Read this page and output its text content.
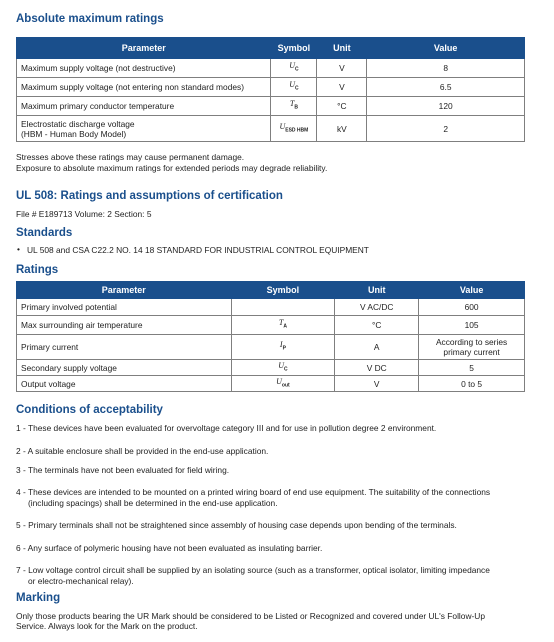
Absolute maximum ratings
Parameter	Symbol	Unit	Value
Maximum supply voltage (not destructive)	$U_C$	V	8
Maximum supply voltage (not entering non standard modes)	$U_C$	V	6.5
Maximum primary conductor temperature	$T_B$	°C	120

Electrostatic discharge voltage
(HBM - Human Body Model)	$U_{ESD HBM}$	kV	2
Stresses above these ratings may cause permanent damage.
Exposure to absolute maximum ratings for extended periods may degrade reliability.
UL 508: Ratings and assumptions of certification
File # E189713 Volume: 2 Section: 5
Standards
• UL 508 and CSA C22.2 NO. 14 18 STANDARD FOR INDUSTRIAL CONTROL EQUIPMENT
Ratings
Parameter	Symbol	Unit	Value
Primary involved potential		V AC/DC	600
Max surrounding air temperature	$T_A$	°C	105
Primary current	$I_P$	A	According to series primary current
Secondary supply voltage	$U_C$	V DC	5
Output voltage	$U_{out}$	V	0 to 5
Conditions of acceptability
1 - These devices have been evaluated for overvoltage category III and for use in pollution degree 2 environment.
2 - A suitable enclosure shall be provided in the end-use application.
3 - The terminals have not been evaluated for field wiring.
4 - These devices are intended to be mounted on a printed wiring board of end use equipment. The suitability of the connections
(including spacings) shall be determined in the end-use application.
5 - Primary terminals shall not be straightened since assembly of housing case depends upon bending of the terminals.
6 - Any surface of polymeric housing have not been evaluated as insulating barrier.
7 - Low voltage control circuit shall be supplied by an isolating source (such as a transformer, optical isolator, limiting impedance
or electro-mechanical relay).
Marking
Only those products bearing the UR Mark should be considered to be Listed or Recognized and covered under UL's Follow-Up
Service. Always look for the Mark on the product.
